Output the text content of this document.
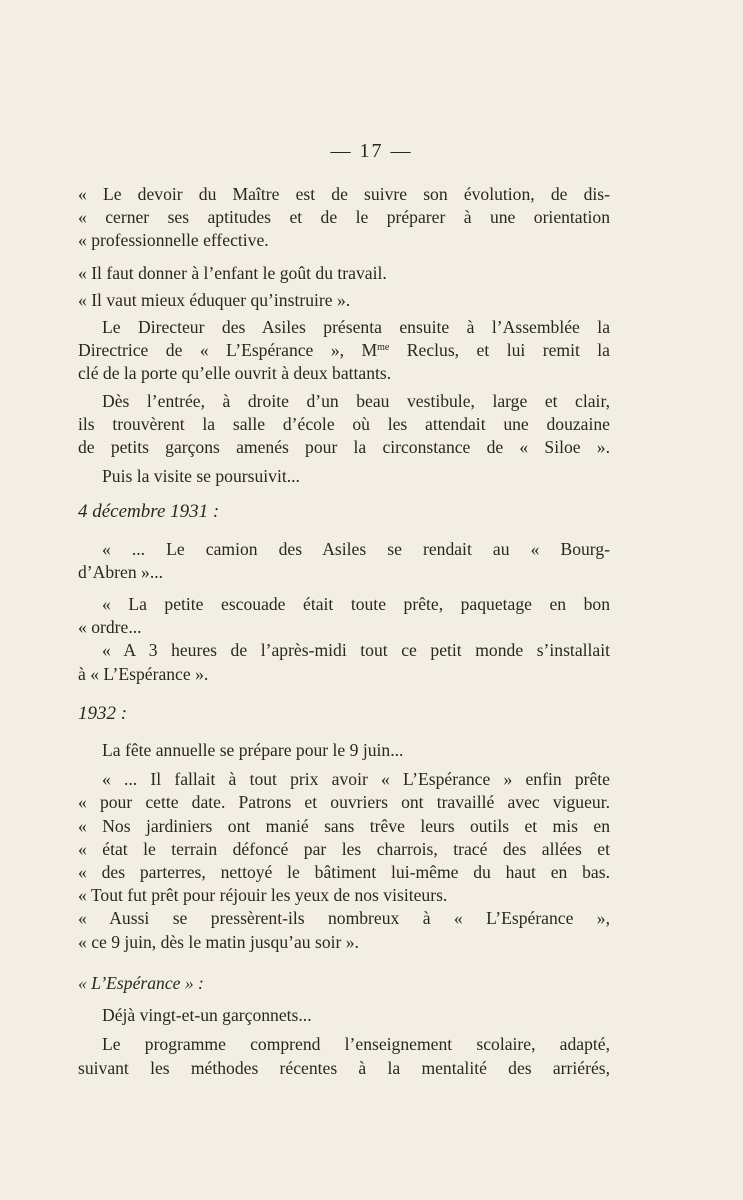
— 17 —
« Le devoir du Maître est de suivre son évolution, de dis-
« cerner ses aptitudes et de le préparer à une orientation
« professionnelle effective.
« Il faut donner à l’enfant le goût du travail.
« Il vaut mieux éduquer qu’instruire ».
Le Directeur des Asiles présenta ensuite à l’Assemblée la
Directrice de « L’Espérance », $M^{me}$ Reclus, et lui remit la
clé de la porte qu’elle ouvrit à deux battants.
Dès l’entrée, à droite d’un beau vestibule, large et clair,
ils trouvèrent la salle d’école où les attendait une douzaine
de petits garçons amenés pour la circonstance de « Siloe ».
Puis la visite se poursuivit...
4 décembre 1931 :
« ... Le camion des Asiles se rendait au « Bourg-
d’Abren »...
« La petite escouade était toute prête, paquetage en bon
« ordre...
« A 3 heures de l’après-midi tout ce petit monde s’installait
à « L’Espérance ».
1932 :
La fête annuelle se prépare pour le 9 juin...
« ... Il fallait à tout prix avoir « L’Espérance » enfin prête
« pour cette date. Patrons et ouvriers ont travaillé avec vigueur.
« Nos jardiniers ont manié sans trêve leurs outils et mis en
« état le terrain défoncé par les charrois, tracé des allées et
« des parterres, nettoyé le bâtiment lui-même du haut en bas.
« Tout fut prêt pour réjouir les yeux de nos visiteurs.
« Aussi se pressèrent-ils nombreux à « L’Espérance »,
« ce 9 juin, dès le matin jusqu’au soir ».
« L’Espérance » :
Déjà vingt-et-un garçonnets...
Le programme comprend l’enseignement scolaire, adapté,
suivant les méthodes récentes à la mentalité des arriérés,
